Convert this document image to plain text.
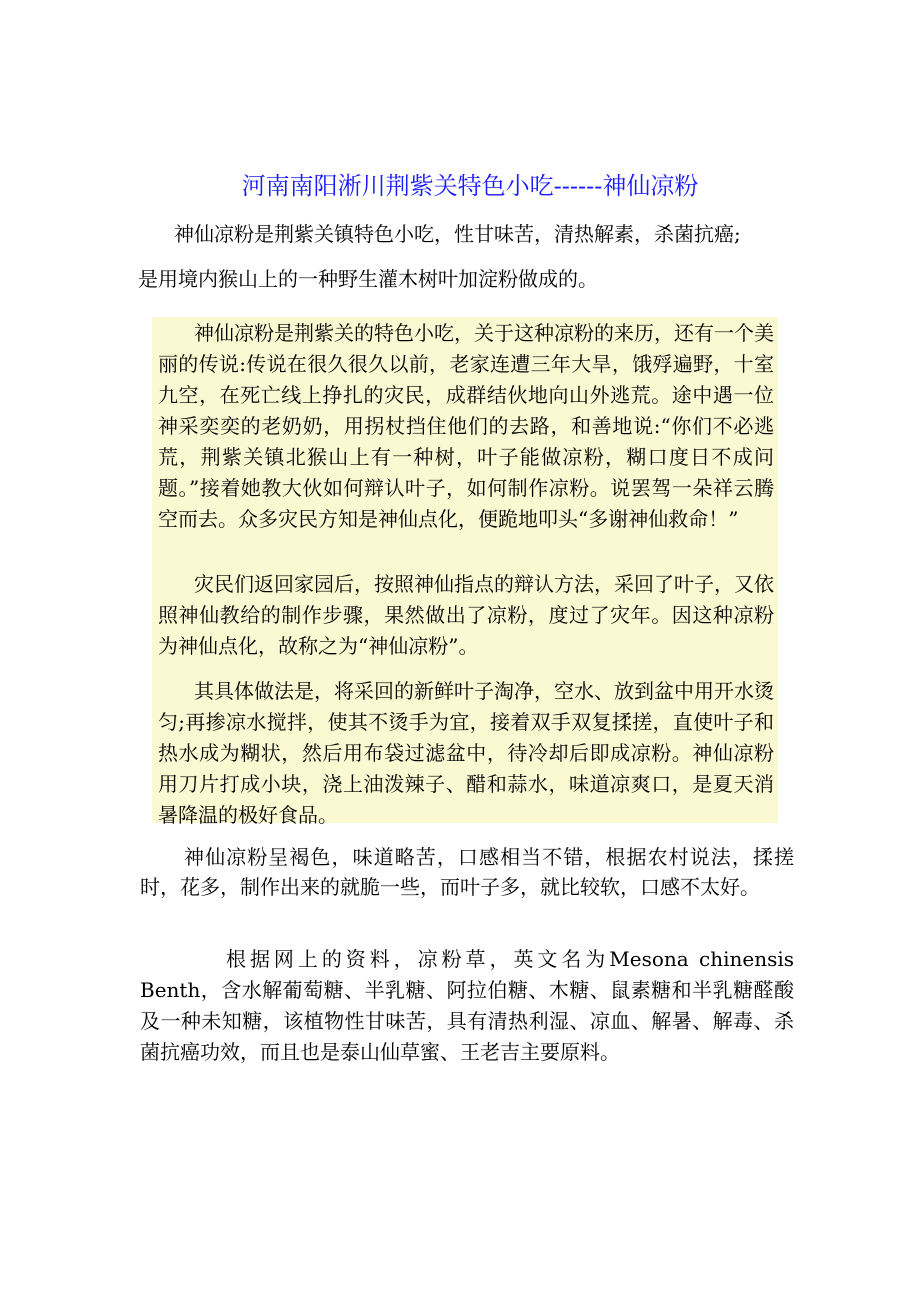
河南南阳淅川荆紫关特色小吃------神仙凉粉
神仙凉粉是荆紫关镇特色小吃，性甘味苦，清热解素，杀菌抗癌;
是用境内猴山上的一种野生灌木树叶加淀粉做成的。
神仙凉粉是荆紫关的特色小吃，关于这种凉粉的来历，还有一个美丽的传说:传说在很久很久以前，老家连遭三年大旱，饿殍遍野，十室九空，在死亡线上挣扎的灾民，成群结伙地向山外逃荒。途中遇一位神采奕奕的老奶奶，用拐杖挡住他们的去路，和善地说:“你们不必逃荒，荆紫关镇北猴山上有一种树，叶子能做凉粉，糊口度日不成问题。”接着她教大伙如何辩认叶子，如何制作凉粉。说罢驾一朵祥云腾空而去。众多灾民方知是神仙点化，便跪地叩头“多谢神仙救命！”
灾民们返回家园后，按照神仙指点的辩认方法，采回了叶子，又依照神仙教给的制作步骤，果然做出了凉粉，度过了灾年。因这种凉粉为神仙点化，故称之为“神仙凉粉”。
其具体做法是，将采回的新鲜叶子淘净，空水、放到盆中用开水烫匀;再掺凉水搅拌，使其不烫手为宜，接着双手双复揉搓，直使叶子和热水成为糊状，然后用布袋过滤盆中，待冷却后即成凉粉。神仙凉粉用刀片打成小块，浇上油泼辣子、醋和蒜水，味道凉爽口，是夏天消暑降温的极好食品。
神仙凉粉呈褐色，味道略苦，口感相当不错，根据农村说法，揉搓时，花多，制作出来的就脆一些，而叶子多，就比较软，口感不太好。
根据网上的资料，凉粉草，英文名为Mesona chinensis Benth，含水解葡萄糖、半乳糖、阿拉伯糖、木糖、鼠素糖和半乳糖醛酸及一种未知糖，该植物性甘味苦，具有清热利湿、凉血、解暑、解毒、杀菌抗癌功效，而且也是泰山仙草蜜、王老吉主要原料。
